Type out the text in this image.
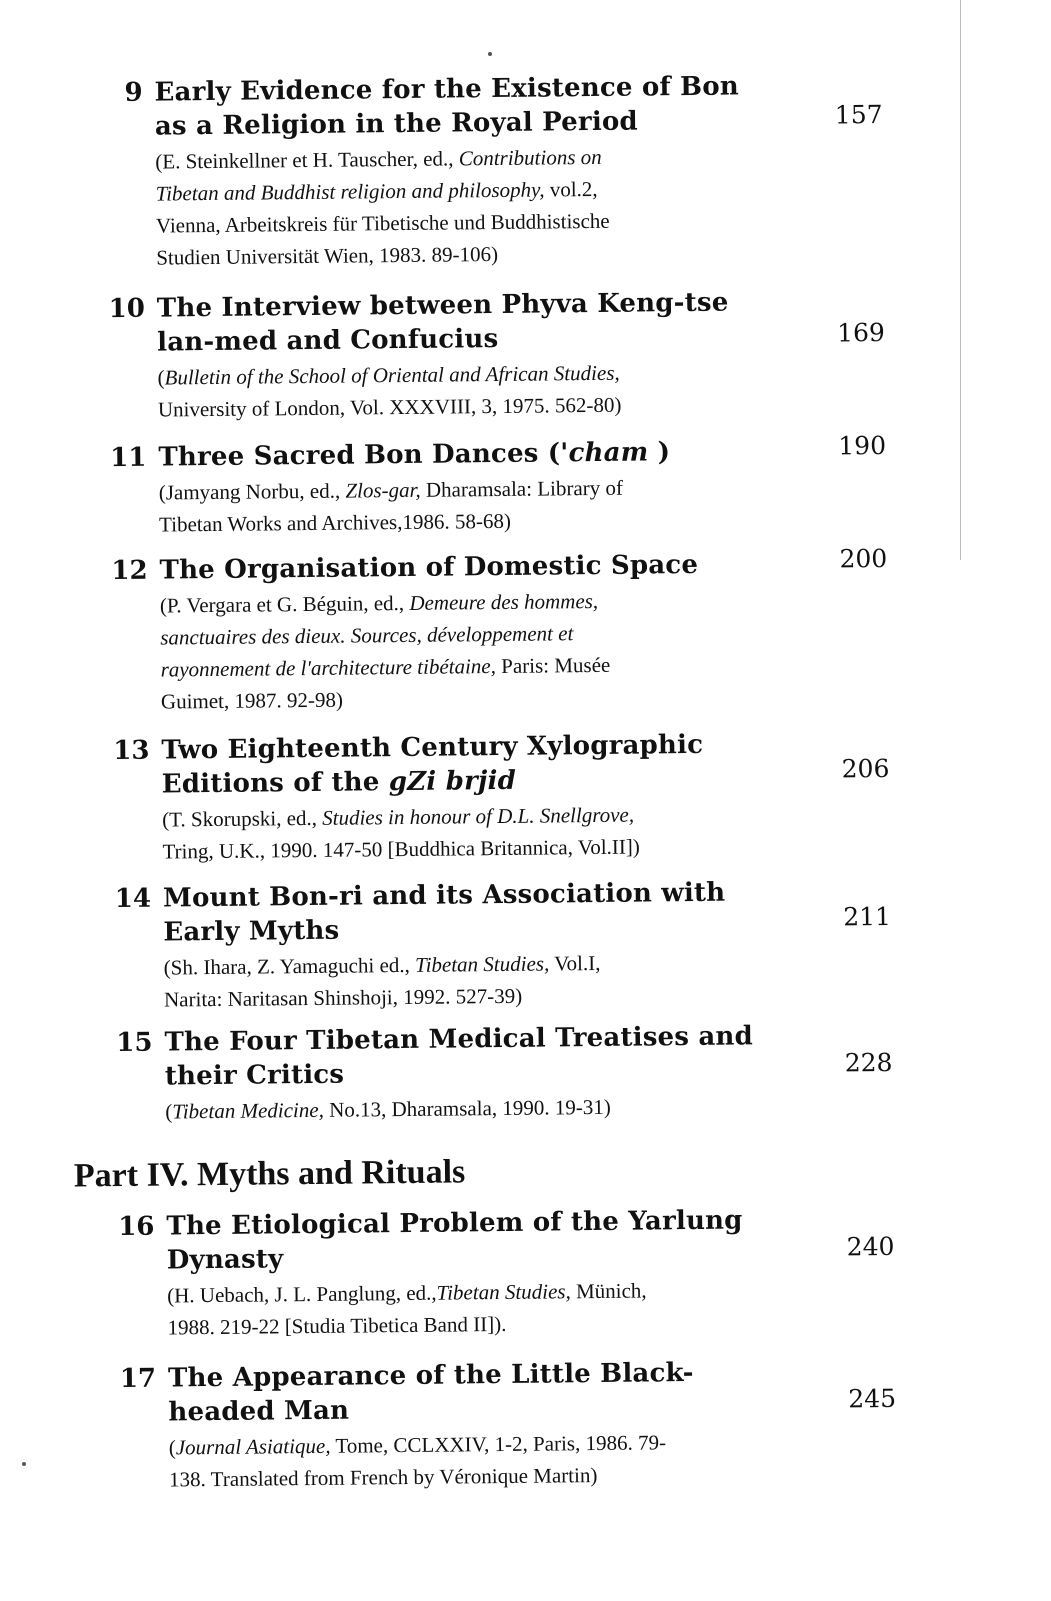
9 Early Evidence for the Existence of Bon
as a Religion in the Royal Period
(E. Steinkellner et H. Tauscher, ed., Contributions on
Tibetan and Buddhist religion and philosophy, vol.2,
Vienna, Arbeitskreis für Tibetische und Buddhistische
Studien Universität Wien, 1983. 89-106)
157
10 The Interview between Phyva Keng-tse
lan-med and Confucius
(Bulletin of the School of Oriental and African Studies,
University of London, Vol. XXXVIII, 3, 1975. 562-80)
169
11 Three Sacred Bon Dances ('cham )
(Jamyang Norbu, ed., Zlos-gar, Dharamsala: Library of
Tibetan Works and Archives,1986. 58-68)
190
12 The Organisation of Domestic Space
(P. Vergara et G. Béguin, ed., Demeure des hommes,
sanctuaires des dieux. Sources, développement et
rayonnement de l'architecture tibétaine, Paris: Musée
Guimet, 1987. 92-98)
200
13 Two Eighteenth Century Xylographic
Editions of the gZi brjid
(T. Skorupski, ed., Studies in honour of D.L. Snellgrove,
Tring, U.K., 1990. 147-50 [Buddhica Britannica, Vol.II])
206
14 Mount Bon-ri and its Association with
Early Myths
(Sh. Ihara, Z. Yamaguchi ed., Tibetan Studies, Vol.I,
Narita: Naritasan Shinshoji, 1992. 527-39)
211
15 The Four Tibetan Medical Treatises and
their Critics
(Tibetan Medicine, No.13, Dharamsala, 1990. 19-31)
228
Part IV. Myths and Rituals
16 The Etiological Problem of the Yarlung
Dynasty
(H. Uebach, J. L. Panglung, ed.,Tibetan Studies, Münich,
1988. 219-22 [Studia Tibetica Band II]).
240
17 The Appearance of the Little Black-
headed Man
(Journal Asiatique, Tome, CCLXXIV, 1-2, Paris, 1986. 79-
138. Translated from French by Véronique Martin)
245
